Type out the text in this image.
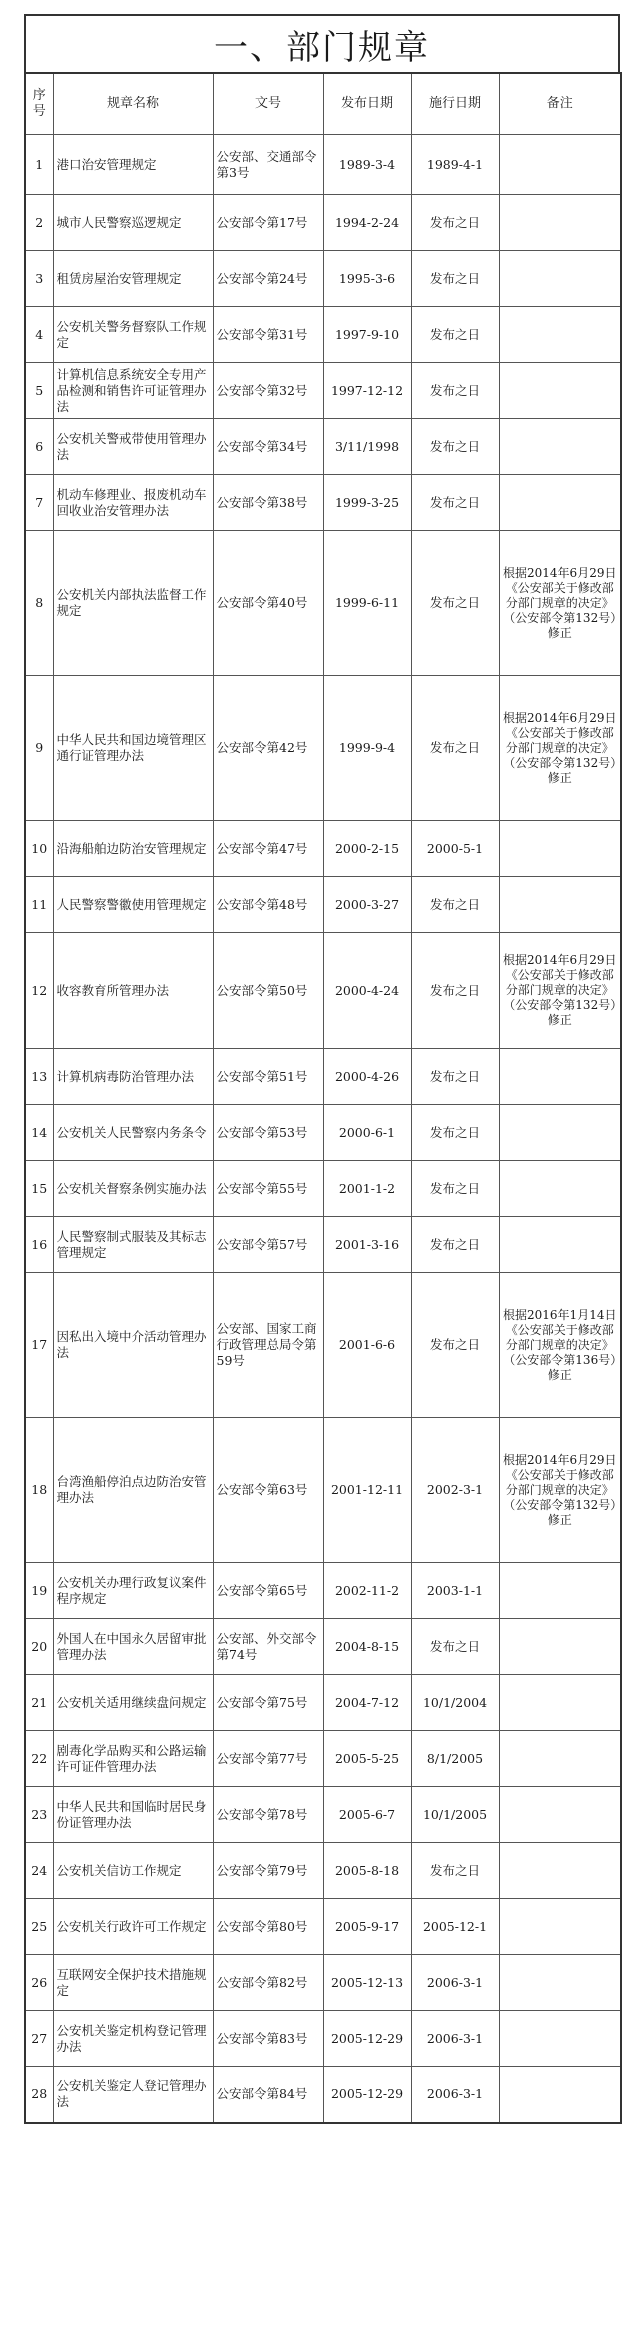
一、部门规章
序号	规章名称	文号	发布日期	施行日期	备注
1	港口治安管理规定	公安部、交通部令第3号	1989-3-4	1989-4-1	
2	城市人民警察巡逻规定	公安部令第17号	1994-2-24	发布之日	
3	租赁房屋治安管理规定	公安部令第24号	1995-3-6	发布之日	
4	公安机关警务督察队工作规定	公安部令第31号	1997-9-10	发布之日	
5	计算机信息系统安全专用产品检测和销售许可证管理办法	公安部令第32号	1997-12-12	发布之日	
6	公安机关警戒带使用管理办法	公安部令第34号	3/11/1998	发布之日	
7	机动车修理业、报废机动车回收业治安管理办法	公安部令第38号	1999-3-25	发布之日	
8	公安机关内部执法监督工作规定	公安部令第40号	1999-6-11	发布之日	根据2014年6月29日《公安部关于修改部分部门规章的决定》（公安部令第132号）修正
9	中华人民共和国边境管理区通行证管理办法	公安部令第42号	1999-9-4	发布之日	根据2014年6月29日《公安部关于修改部分部门规章的决定》（公安部令第132号）修正
10	沿海船舶边防治安管理规定	公安部令第47号	2000-2-15	2000-5-1	
11	人民警察警徽使用管理规定	公安部令第48号	2000-3-27	发布之日	
12	收容教育所管理办法	公安部令第50号	2000-4-24	发布之日	根据2014年6月29日《公安部关于修改部分部门规章的决定》（公安部令第132号）修正
13	计算机病毒防治管理办法	公安部令第51号	2000-4-26	发布之日	
14	公安机关人民警察内务条令	公安部令第53号	2000-6-1	发布之日	
15	公安机关督察条例实施办法	公安部令第55号	2001-1-2	发布之日	
16	人民警察制式服装及其标志管理规定	公安部令第57号	2001-3-16	发布之日	
17	因私出入境中介活动管理办法	公安部、国家工商行政管理总局令第59号	2001-6-6	发布之日	根据2016年1月14日《公安部关于修改部分部门规章的决定》（公安部令第136号）修正
18	台湾渔船停泊点边防治安管理办法	公安部令第63号	2001-12-11	2002-3-1	根据2014年6月29日《公安部关于修改部分部门规章的决定》（公安部令第132号）修正
19	公安机关办理行政复议案件程序规定	公安部令第65号	2002-11-2	2003-1-1	
20	外国人在中国永久居留审批管理办法	公安部、外交部令第74号	2004-8-15	发布之日	
21	公安机关适用继续盘问规定	公安部令第75号	2004-7-12	10/1/2004	
22	剧毒化学品购买和公路运输许可证件管理办法	公安部令第77号	2005-5-25	8/1/2005	
23	中华人民共和国临时居民身份证管理办法	公安部令第78号	2005-6-7	10/1/2005	
24	公安机关信访工作规定	公安部令第79号	2005-8-18	发布之日	
25	公安机关行政许可工作规定	公安部令第80号	2005-9-17	2005-12-1	
26	互联网安全保护技术措施规定	公安部令第82号	2005-12-13	2006-3-1	
27	公安机关鉴定机构登记管理办法	公安部令第83号	2005-12-29	2006-3-1	
28	公安机关鉴定人登记管理办法	公安部令第84号	2005-12-29	2006-3-1	
